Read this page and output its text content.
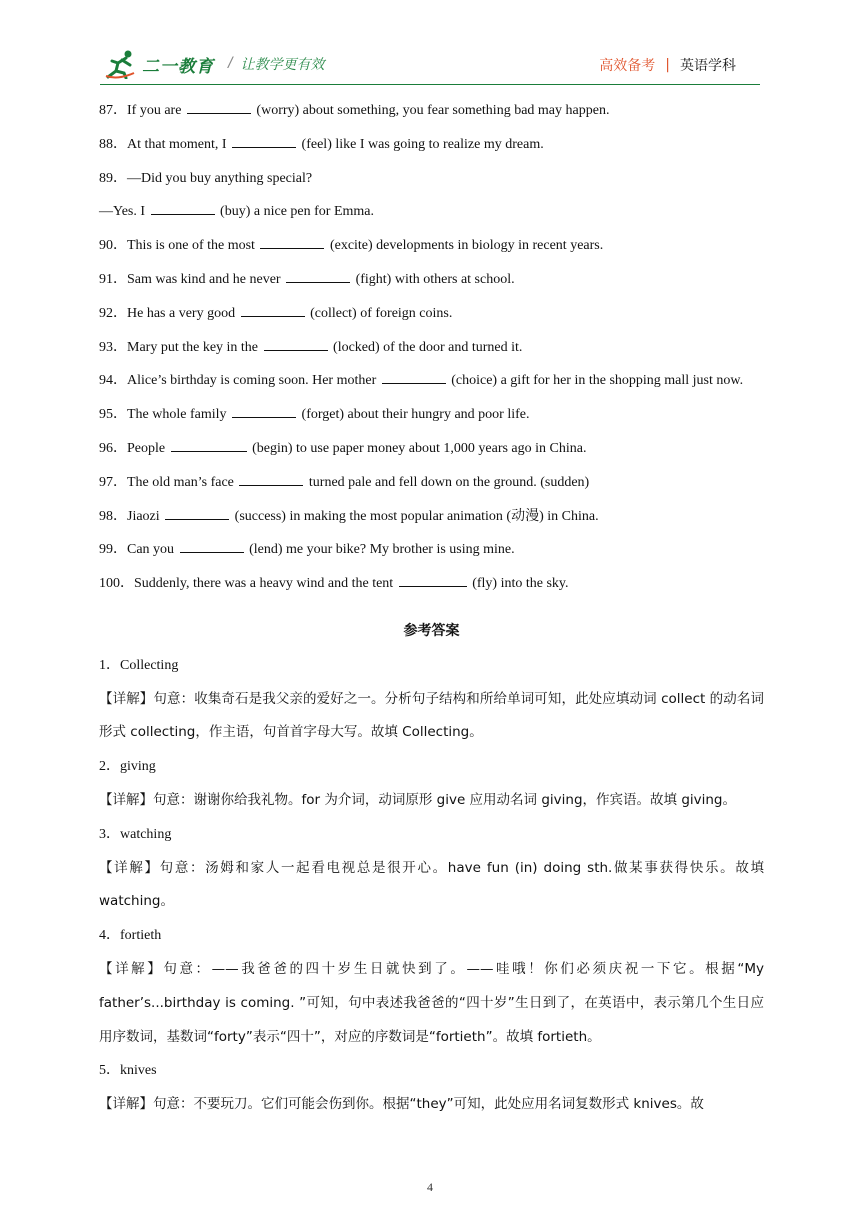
二一教育 / 让教学更有效	高效备考 | 英语学科
87．If you are	(worry) about something, you fear something bad may happen.
88．At that moment, I	(feel) like I was going to realize my dream.
89．—Did you buy anything special?
—Yes. I	(buy) a nice pen for Emma.
90．This is one of the most	(excite) developments in biology in recent years.
91．Sam was kind and he never	(fight) with others at school.
92．He has a very good	(collect) of foreign coins.
93．Mary put the key in the	(locked) of the door and turned it.
94．Alice’s birthday is coming soon. Her mother	(choice) a gift for her in the shopping mall just now.
95．The whole family	(forget) about their hungry and poor life.
96．People	(begin) to use paper money about 1,000 years ago in China.
97．The old man’s face	turned pale and fell down on the ground. (sudden)
98．Jiaozi	(success) in making the most popular animation (动漫) in China.
99．Can you	(lend) me your bike? My brother is using mine.
100．Suddenly, there was a heavy wind and the tent	(fly) into the sky.
参考答案
1．Collecting
【详解】句意：收集奇石是我父亲的爱好之一。分析句子结构和所给单词可知，此处应填动词 collect 的动名词形式 collecting，作主语，句首首字母大写。故填 Collecting。
2．giving
【详解】句意：谢谢你给我礼物。for 为介词，动词原形 give 应用动名词 giving，作宾语。故填 giving。
3．watching
【详解】句意：汤姆和家人一起看电视总是很开心。have fun (in) doing sth.做某事获得快乐。故填 watching。
4．fortieth
【详解】句意：——我爸爸的四十岁生日就快到了。——哇哦！你们必须庆祝一下它。根据“My father’s...birthday is coming. ”可知，句中表述我爸爸的“四十岁”生日到了，在英语中，表示第几个生日应用序数词，基数词“forty”表示“四十”，对应的序数词是“fortieth”。故填 fortieth。
5．knives
【详解】句意：不要玩刀。它们可能会伤到你。根据“they”可知，此处应用名词复数形式 knives。故
4
